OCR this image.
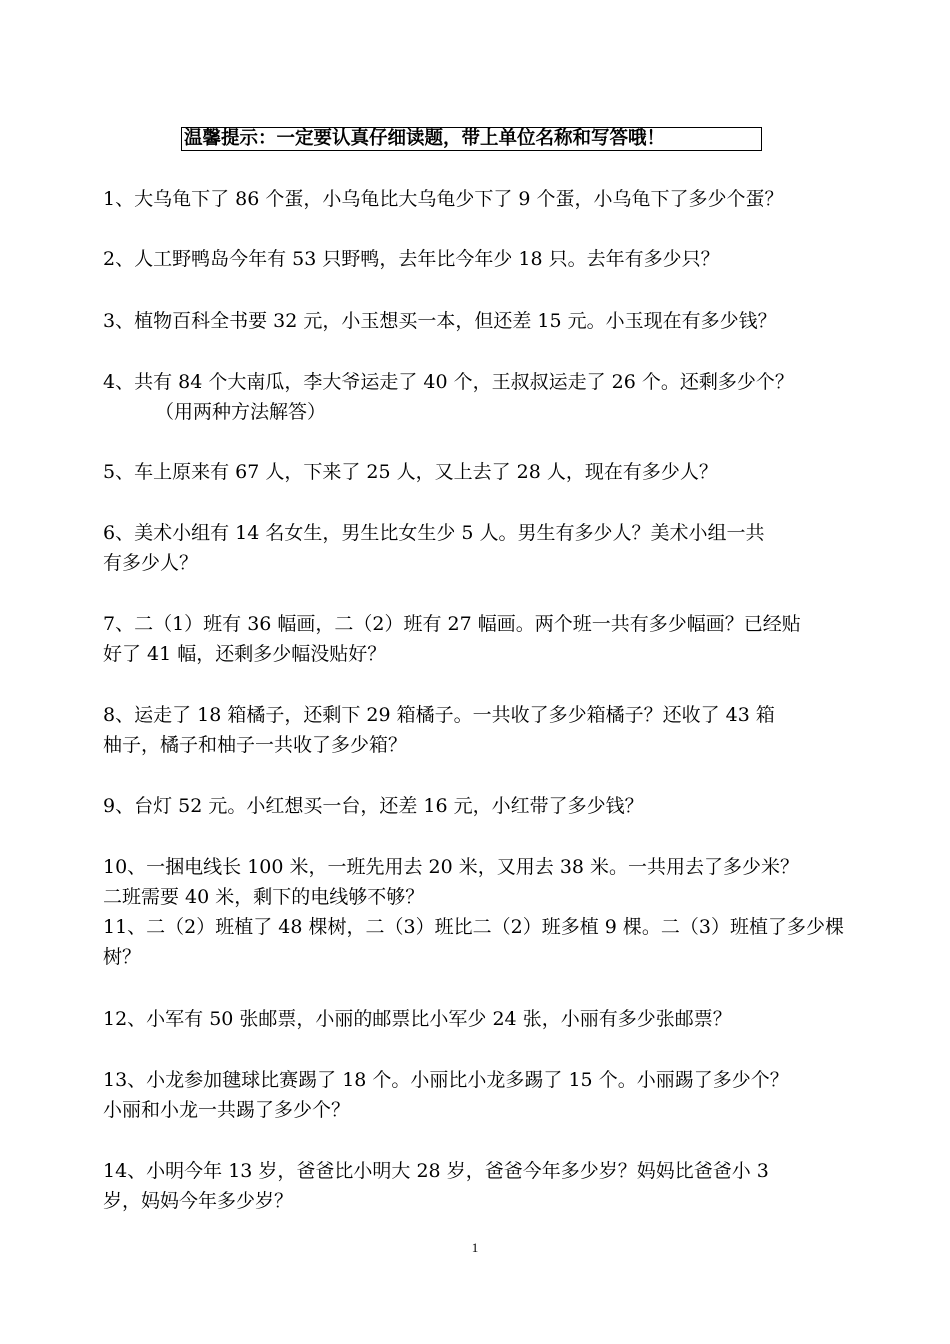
温馨提示：一定要认真仔细读题，带上单位名称和写答哦！
1、大乌龟下了 86 个蛋，小乌龟比大乌龟少下了 9 个蛋，小乌龟下了多少个蛋？
2、人工野鸭岛今年有 53 只野鸭，去年比今年少 18 只。去年有多少只？
3、植物百科全书要 32 元，小玉想买一本，但还差 15 元。小玉现在有多少钱？
4、共有 84 个大南瓜，李大爷运走了 40 个，王叔叔运走了 26 个。还剩多少个？
（用两种方法解答）
5、车上原来有 67 人，下来了 25 人，又上去了 28 人，现在有多少人？
6、美术小组有 14 名女生，男生比女生少 5 人。男生有多少人？美术小组一共
有多少人？
7、二（1）班有 36 幅画，二（2）班有 27 幅画。两个班一共有多少幅画？已经贴
好了 41 幅，还剩多少幅没贴好？
8、运走了 18 箱橘子，还剩下 29 箱橘子。一共收了多少箱橘子？还收了 43 箱
柚子，橘子和柚子一共收了多少箱？
9、台灯 52 元。小红想买一台，还差 16 元，小红带了多少钱？
10、一捆电线长 100 米，一班先用去 20 米，又用去 38 米。一共用去了多少米？
二班需要 40 米，剩下的电线够不够？
11、二（2）班植了 48 棵树，二（3）班比二（2）班多植 9 棵。二（3）班植了多少棵
树？
12、小军有 50 张邮票，小丽的邮票比小军少 24 张，小丽有多少张邮票？
13、小龙参加毽球比赛踢了 18 个。小丽比小龙多踢了 15 个。小丽踢了多少个？
小丽和小龙一共踢了多少个？
14、小明今年 13 岁，爸爸比小明大 28 岁，爸爸今年多少岁？妈妈比爸爸小 3
岁，妈妈今年多少岁？
1
